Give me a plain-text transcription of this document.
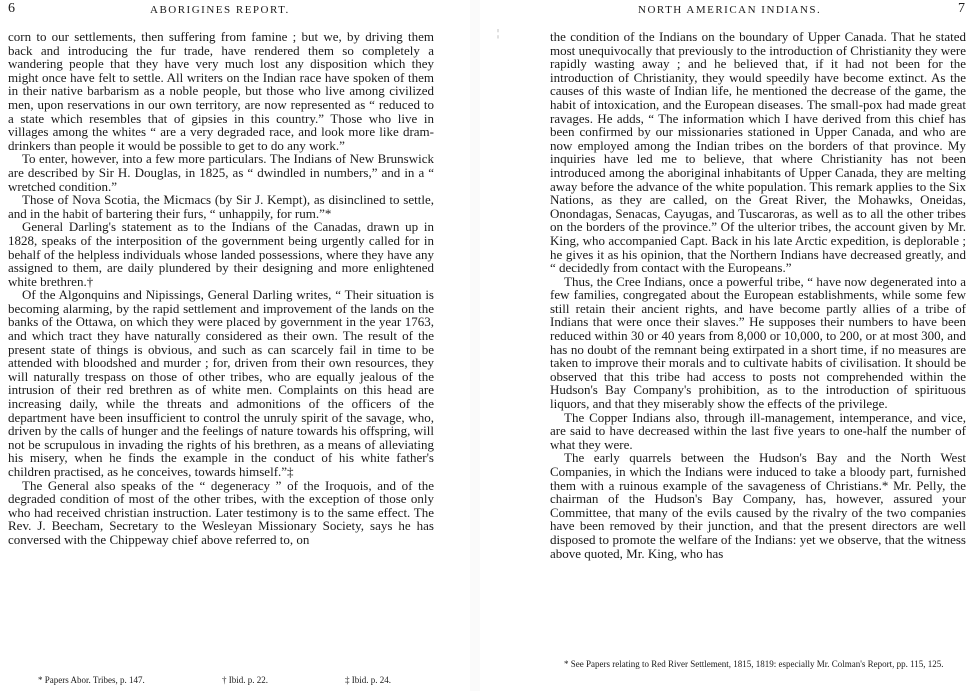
¦
6	ABORIGINES REPORT.

corn to our settlements, then suffering from famine ; but we, by driving them back and introducing the fur trade, have rendered them so completely a wandering people that they have very much lost any disposition which they might once have felt to settle. All writers on the Indian race have spoken of them in their native barbarism as a noble people, but those who live among civilized men, upon reservations in our own territory, are now represented as “ reduced to a state which resembles that of gipsies in this country.” Those who live in villages among the whites “ are a very degraded race, and look more like dram-drinkers than people it would be possible to get to do any work.”

To enter, however, into a few more particulars. The Indians of New Brunswick are described by Sir H. Douglas, in 1825, as “ dwindled in numbers,” and in a “ wretched condition.”

Those of Nova Scotia, the Micmacs (by Sir J. Kempt), as disinclined to settle, and in the habit of bartering their furs, “ unhappily, for rum.”*

General Darling's statement as to the Indians of the Canadas, drawn up in 1828, speaks of the interposition of the government being urgently called for in behalf of the helpless individuals whose landed possessions, where they have any assigned to them, are daily plundered by their designing and more enlightened white brethren.†

Of the Algonquins and Nipissings, General Darling writes, “ Their situation is becoming alarming, by the rapid settlement and improvement of the lands on the banks of the Ottawa, on which they were placed by government in the year 1763, and which tract they have naturally considered as their own. The result of the present state of things is obvious, and such as can scarcely fail in time to be attended with bloodshed and murder ; for, driven from their own resources, they will naturally trespass on those of other tribes, who are equally jealous of the intrusion of their red brethren as of white men. Complaints on this head are increasing daily, while the threats and admonitions of the officers of the department have been insufficient to control the unruly spirit of the savage, who, driven by the calls of hunger and the feelings of nature towards his offspring, will not be scrupulous in invading the rights of his brethren, as a means of alleviating his misery, when he finds the example in the conduct of his white father's children practised, as he conceives, towards himself.”‡

The General also speaks of the “ degeneracy ” of the Iroquois, and of the degraded condition of most of the other tribes, with the exception of those only who had received christian instruction. Later testimony is to the same effect. The Rev. J. Beecham, Secretary to the Wesleyan Missionary Society, says he has conversed with the Chippeway chief above referred to, on

* Papers Abor. Tribes, p. 147.	† Ibid. p. 22.	‡ Ibid. p. 24.
NORTH AMERICAN INDIANS.	7

the condition of the Indians on the boundary of Upper Canada. That he stated most unequivocally that previously to the introduction of Christianity they were rapidly wasting away ; and he believed that, if it had not been for the introduction of Christianity, they would speedily have become extinct. As the causes of this waste of Indian life, he mentioned the decrease of the game, the habit of intoxication, and the European diseases. The small-pox had made great ravages. He adds, “ The information which I have derived from this chief has been confirmed by our missionaries stationed in Upper Canada, and who are now employed among the Indian tribes on the borders of that province. My inquiries have led me to believe, that where Christianity has not been introduced among the aboriginal inhabitants of Upper Canada, they are melting away before the advance of the white population. This remark applies to the Six Nations, as they are called, on the Great River, the Mohawks, Oneidas, Onondagas, Senacas, Cayugas, and Tuscaroras, as well as to all the other tribes on the borders of the province.” Of the ulterior tribes, the account given by Mr. King, who accompanied Capt. Back in his late Arctic expedition, is deplorable ; he gives it as his opinion, that the Northern Indians have decreased greatly, and “ decidedly from contact with the Europeans.”

Thus, the Cree Indians, once a powerful tribe, “ have now degenerated into a few families, congregated about the European establishments, while some few still retain their ancient rights, and have become partly allies of a tribe of Indians that were once their slaves.” He supposes their numbers to have been reduced within 30 or 40 years from 8,000 or 10,000, to 200, or at most 300, and has no doubt of the remnant being extirpated in a short time, if no measures are taken to improve their morals and to cultivate habits of civilisation. It should be observed that this tribe had access to posts not comprehended within the Hudson's Bay Company's prohibition, as to the introduction of spirituous liquors, and that they miserably show the effects of the privilege.

The Copper Indians also, through ill-management, intemperance, and vice, are said to have decreased within the last five years to one-half the number of what they were.

The early quarrels between the Hudson's Bay and the North West Companies, in which the Indians were induced to take a bloody part, furnished them with a ruinous example of the savageness of Christians.* Mr. Pelly, the chairman of the Hudson's Bay Company, has, however, assured your Committee, that many of the evils caused by the rivalry of the two companies have been removed by their junction, and that the present directors are well disposed to promote the welfare of the Indians: yet we observe, that the witness above quoted, Mr. King, who has

* See Papers relating to Red River Settlement, 1815, 1819: especially Mr. Colman's Report, pp. 115, 125.
